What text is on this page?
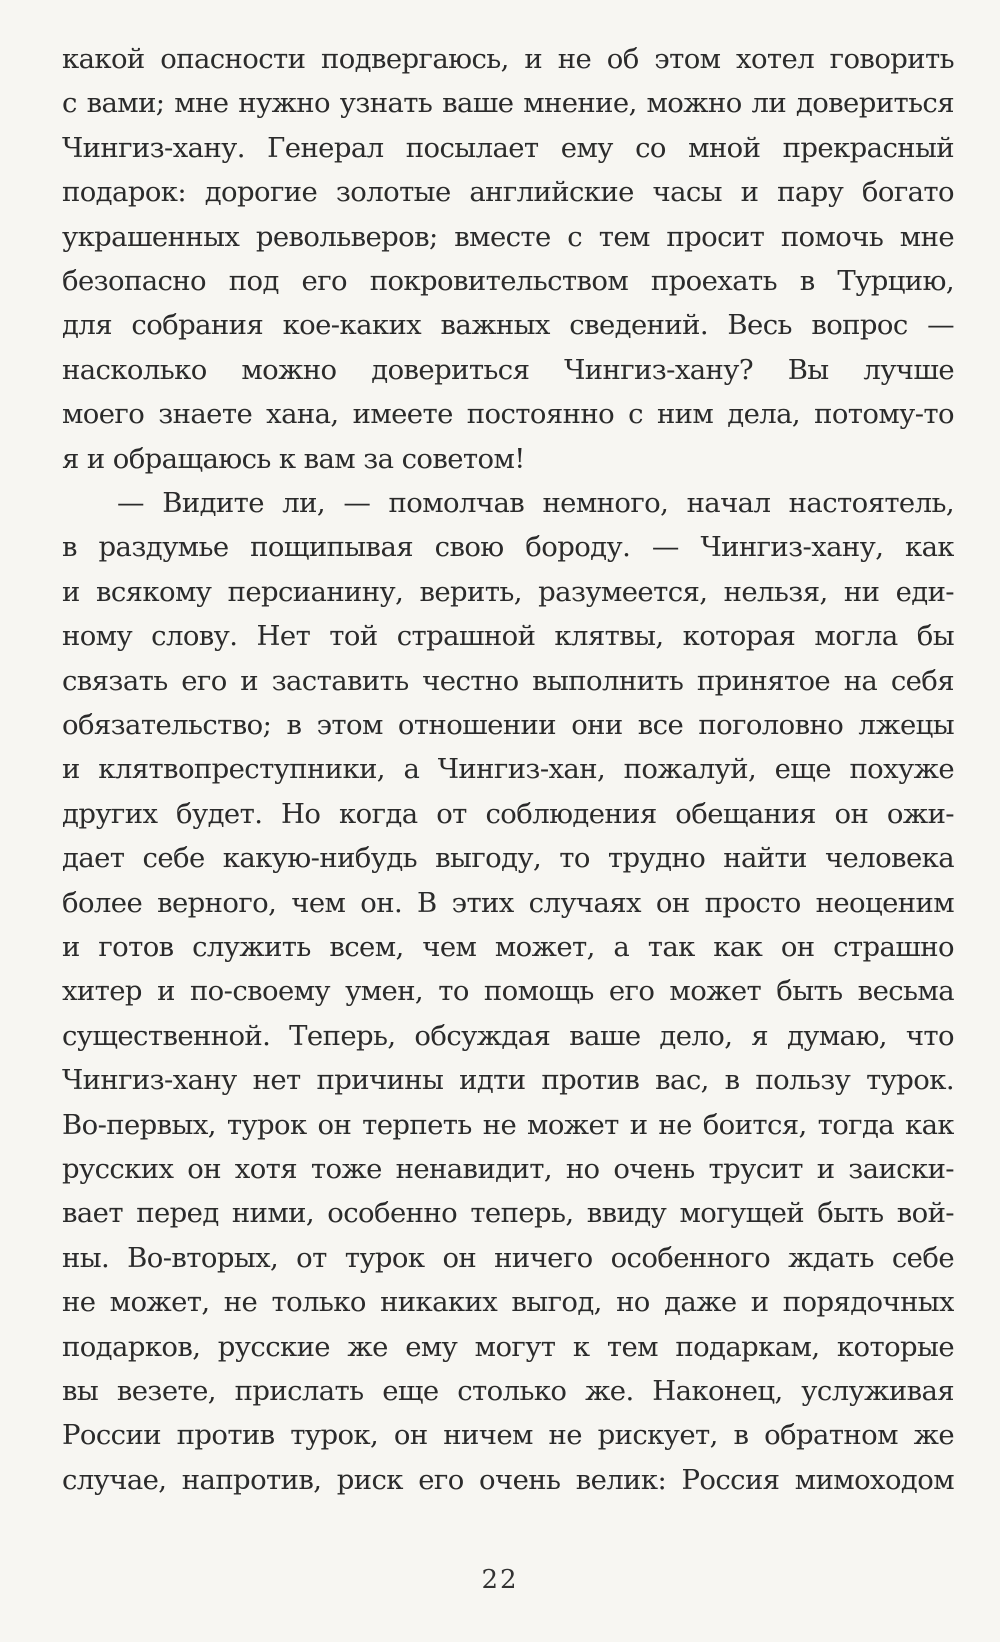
какой опасности подвергаюсь, и не об этом хотел говорить
с вами; мне нужно узнать ваше мнение, можно ли довериться
Чингиз-хану. Генерал посылает ему со мной прекрасный
подарок: дорогие золотые английские часы и пару богато
украшенных револьверов; вместе с тем просит помочь мне
безопасно под его покровительством проехать в Турцию,
для собрания кое-каких важных сведений. Весь вопрос —
насколько можно довериться Чингиз-хану? Вы лучше
моего знаете хана, имеете постоянно с ним дела, потому-то
я и обращаюсь к вам за советом!
— Видите ли, — помолчав немного, начал настоятель,
в раздумье пощипывая свою бороду. — Чингиз-хану, как
и всякому персианину, верить, разумеется, нельзя, ни еди-
ному слову. Нет той страшной клятвы, которая могла бы
связать его и заставить честно выполнить принятое на себя
обязательство; в этом отношении они все поголовно лжецы
и клятвопреступники, а Чингиз-хан, пожалуй, еще похуже
других будет. Но когда от соблюдения обещания он ожи-
дает себе какую-нибудь выгоду, то трудно найти человека
более верного, чем он. В этих случаях он просто неоценим
и готов служить всем, чем может, а так как он страшно
хитер и по-своему умен, то помощь его может быть весьма
существенной. Теперь, обсуждая ваше дело, я думаю, что
Чингиз-хану нет причины идти против вас, в пользу турок.
Во-первых, турок он терпеть не может и не боится, тогда как
русских он хотя тоже ненавидит, но очень трусит и заиски-
вает перед ними, особенно теперь, ввиду могущей быть вой-
ны. Во-вторых, от турок он ничего особенного ждать себе
не может, не только никаких выгод, но даже и порядочных
подарков, русские же ему могут к тем подаркам, которые
вы везете, прислать еще столько же. Наконец, услуживая
России против турок, он ничем не рискует, в обратном же
случае, напротив, риск его очень велик: Россия мимоходом
22
